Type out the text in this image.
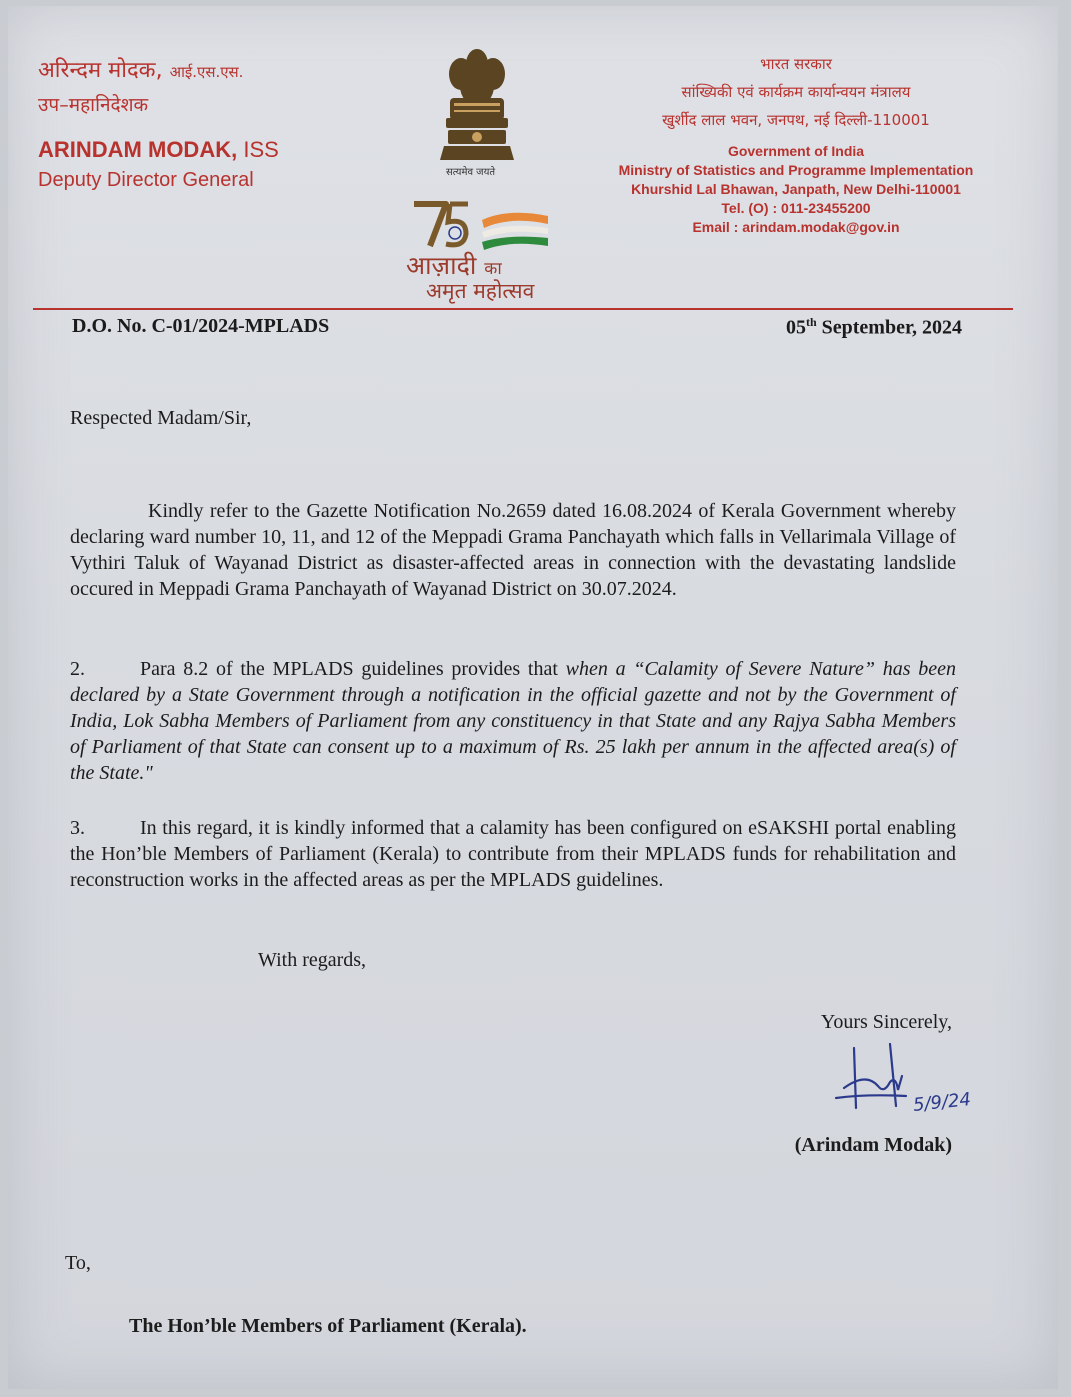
अरिन्दम मोदक, आई.एस.एस.

उप–महानिदेशक

ARINDAM MODAK, ISS

Deputy Director General	सत्यमेव जयते

आज़ादी का

अमृत महोत्सव

भारत सरकार
सांख्यिकी एवं कार्यक्रम कार्यान्वयन मंत्रालय
खुर्शीद लाल भवन, जनपथ, नई दिल्ली-110001
Government of India
Ministry of Statistics and Programme Implementation
Khurshid Lal Bhawan, Janpath, New Delhi-110001
Tel. (O) : 011-23455200
Email : arindam.modak@gov.in

D.O. No. C-01/2024-MPLADS	05th September, 2024

Respected Madam/Sir,

Kindly refer to the Gazette Notification No.2659 dated 16.08.2024 of Kerala Government whereby declaring ward number 10, 11, and 12 of the Meppadi Grama Panchayath which falls in Vellarimala Village of Vythiri Taluk of Wayanad District as disaster-affected areas in connection with the devastating landslide occured in Meppadi Grama Panchayath of Wayanad District on 30.07.2024.

2.	Para 8.2 of the MPLADS guidelines provides that when a “Calamity of Severe Nature” has been declared by a State Government through a notification in the official gazette and not by the Government of India, Lok Sabha Members of Parliament from any constituency in that State and any Rajya Sabha Members of Parliament of that State can consent up to a maximum of Rs. 25 lakh per annum in the affected area(s) of the State."

3.	In this regard, it is kindly informed that a calamity has been configured on eSAKSHI portal enabling the Hon’ble Members of Parliament (Kerala) to contribute from their MPLADS funds for rehabilitation and reconstruction works in the affected areas as per the MPLADS guidelines.

With regards,

Yours Sincerely,

5/9/24

(Arindam Modak)

To,

The Hon’ble Members of Parliament (Kerala).
